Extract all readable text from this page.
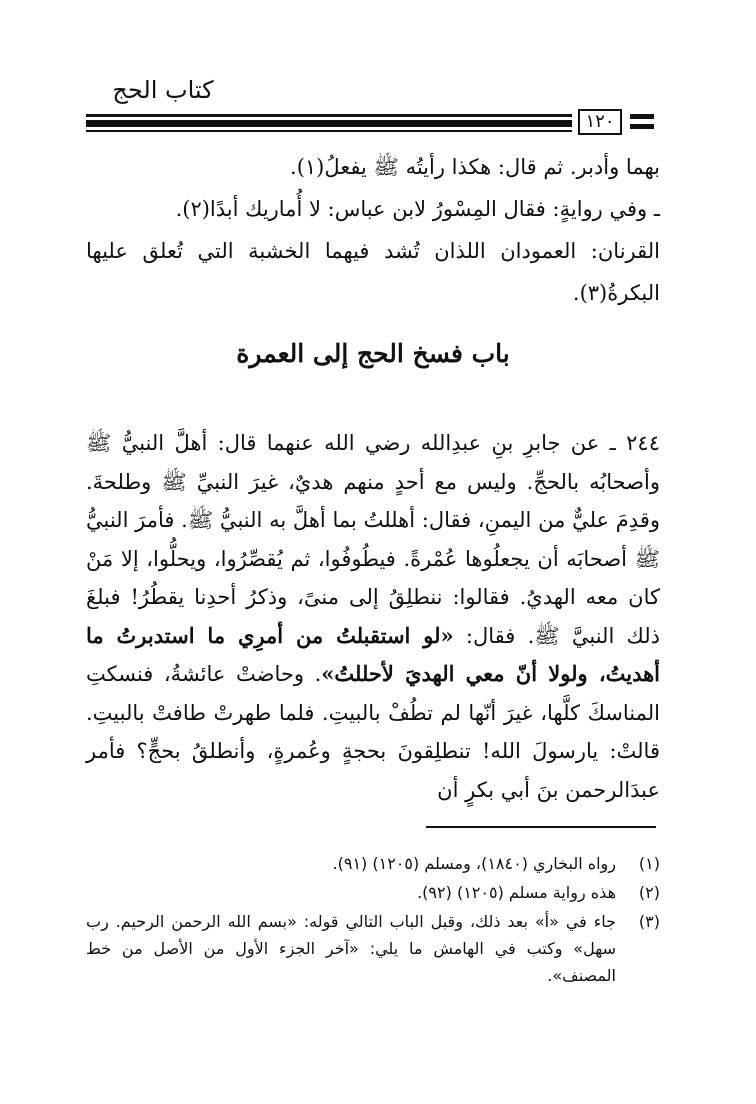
كتاب الحج
١٢٠

بهما وأدبر. ثم قال: هكذا رأيتُه ﷺ يفعلُ(١).

ـ وفي روايةٍ: فقال المِسْورُ لابن عباس: لا أُماريك أبدًا(٢).

القرنان: العمودان اللذان تُشد فيهما الخشبة التي تُعلق عليها البكرةُ(٣).

باب فسخ الحج إلى العمرة

٢٤٤ ـ عن جابرِ بنِ عبدِالله رضي الله عنهما قال: أهلَّ النبيُّ ﷺ وأصحابُه بالحجِّ. وليس مع أحدٍ منهم هديٌ، غيرَ النبيِّ ﷺ وطلحةَ. وقدِمَ عليٌّ من اليمنِ، فقال: أهللتُ بما أهلَّ به النبيُّ ﷺ. فأمرَ النبيُّ ﷺ أصحابَه أن يجعلُوها عُمْرةً. فيطُوفُوا، ثم يُقصِّرُوا، ويحلُّوا، إلا مَنْ كان معه الهديُ. فقالوا: ننطلِقُ إلى منىً، وذكرُ أحدِنا يقطُرُ! فبلغَ ذلك النبيَّ ﷺ. فقال: «لو استقبلتُ من أمرِي ما استدبرتُ ما أهديتُ، ولولا أنّ معي الهديَ لأحللتُ». وحاضتْ عائشةُ، فنسكتِ المناسكَ كلَّها، غيرَ أنّها لم تطُفْ بالبيتِ. فلما طهرتْ طافتْ بالبيتِ. قالتْ: يارسولَ الله! تنطلِقونَ بحجةٍ وعُمرةٍ، وأنطلقُ بحجٍّ؟ فأمر عبدَالرحمن بنَ أبي بكرٍ أن

(١)
رواه البخاري (١٨٤٠)، ومسلم (١٢٠٥) (٩١).
(٢)
هذه رواية مسلم (١٢٠٥) (٩٢).
(٣)
جاء في «أ» بعد ذلك، وقبل الباب التالي قوله: «بسم الله الرحمن الرحيم. رب سهل» وكتب في الهامش ما يلي: «آخر الجزء الأول من الأصل من خط المصنف».
